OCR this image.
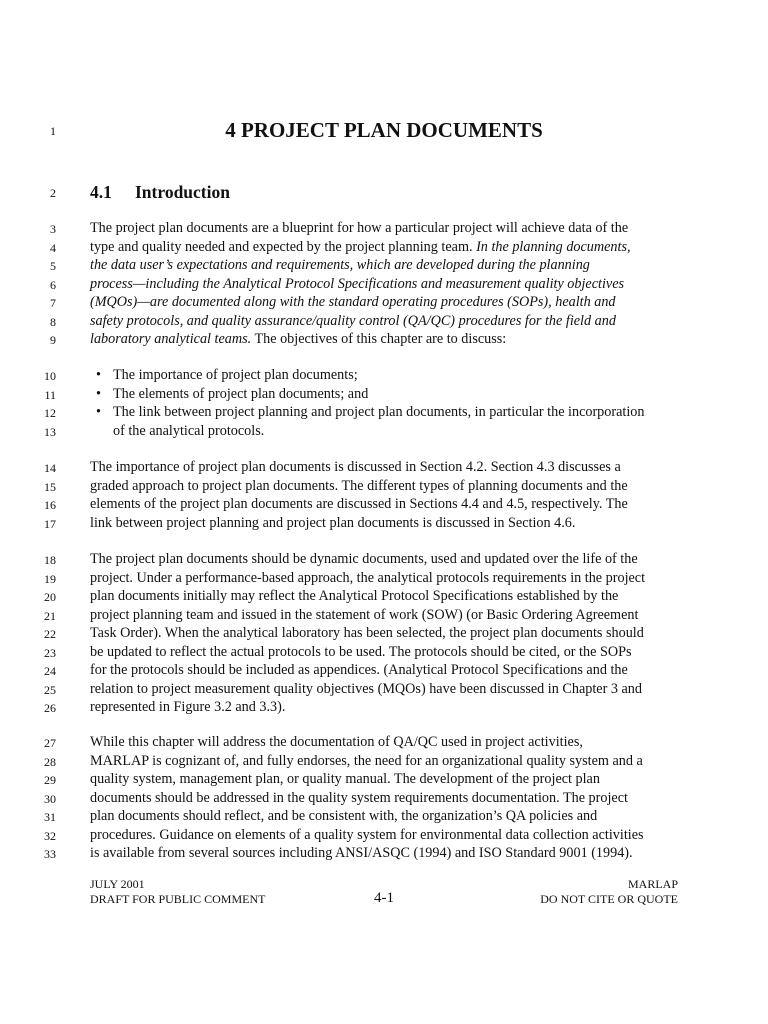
1
2
3
4
5
6
7
8
9
10
11
12
13
14
15
16
17
18
19
20
21
22
23
24
25
26
27
28
29
30
31
32
33
4 PROJECT PLAN DOCUMENTS
4.1 Introduction
The project plan documents are a blueprint for how a particular project will achieve data of the
type and quality needed and expected by the project planning team. In the planning documents,
the data user’s expectations and requirements, which are developed during the planning
process—including the Analytical Protocol Specifications and measurement quality objectives
(MQOs)—are documented along with the standard operating procedures (SOPs), health and
safety protocols, and quality assurance/quality control (QA/QC) procedures for the field and
laboratory analytical teams. The objectives of this chapter are to discuss:
• The importance of project plan documents;
• The elements of project plan documents; and
• The link between project planning and project plan documents, in particular the incorporation
of the analytical protocols.
The importance of project plan documents is discussed in Section 4.2. Section 4.3 discusses a
graded approach to project plan documents. The different types of planning documents and the
elements of the project plan documents are discussed in Sections 4.4 and 4.5, respectively. The
link between project planning and project plan documents is discussed in Section 4.6.
The project plan documents should be dynamic documents, used and updated over the life of the
project. Under a performance-based approach, the analytical protocols requirements in the project
plan documents initially may reflect the Analytical Protocol Specifications established by the
project planning team and issued in the statement of work (SOW) (or Basic Ordering Agreement
Task Order). When the analytical laboratory has been selected, the project plan documents should
be updated to reflect the actual protocols to be used. The protocols should be cited, or the SOPs
for the protocols should be included as appendices. (Analytical Protocol Specifications and the
relation to project measurement quality objectives (MQOs) have been discussed in Chapter 3 and
represented in Figure 3.2 and 3.3).
While this chapter will address the documentation of QA/QC used in project activities,
MARLAP is cognizant of, and fully endorses, the need for an organizational quality system and a
quality system, management plan, or quality manual. The development of the project plan
documents should be addressed in the quality system requirements documentation. The project
plan documents should reflect, and be consistent with, the organization’s QA policies and
procedures. Guidance on elements of a quality system for environmental data collection activities
is available from several sources including ANSI/ASQC (1994) and ISO Standard 9001 (1994).
JULY 2001
DRAFT FOR PUBLIC COMMENT	4-1
MARLAP
DO NOT CITE OR QUOTE
